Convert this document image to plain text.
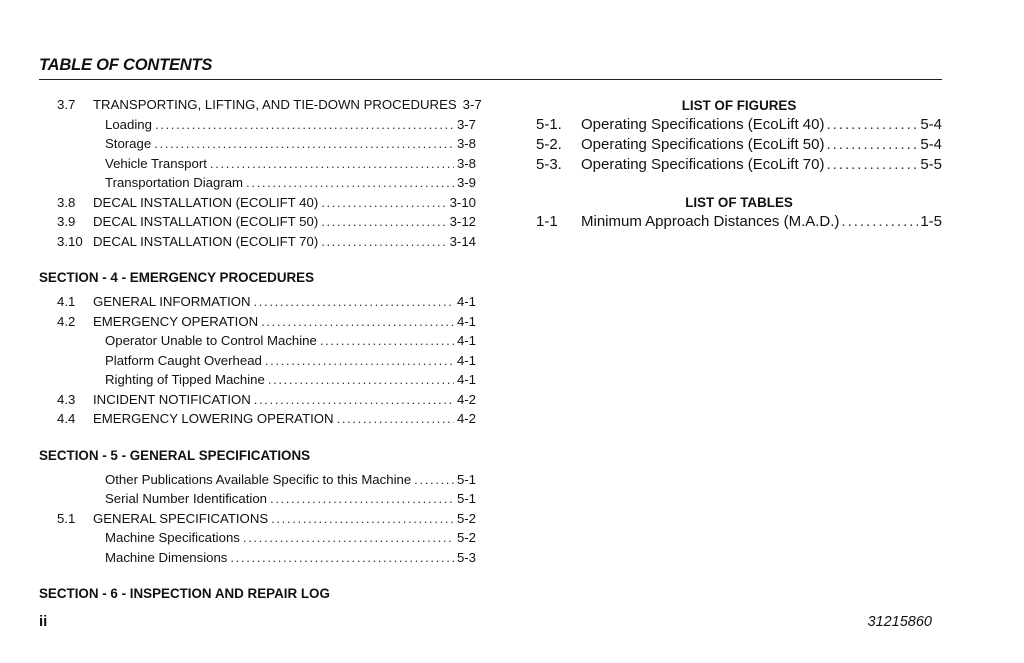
TABLE OF CONTENTS
3.7 TRANSPORTING, LIFTING, AND TIE-DOWN PROCEDURES 3-7
Loading .....	3-7
Storage .....	3-8
Vehicle Transport .....	3-8
Transportation Diagram .....	3-9
3.8 DECAL INSTALLATION (ECOLIFT 40) .....	3-10
3.9 DECAL INSTALLATION (ECOLIFT 50) .....	3-12
3.10 DECAL INSTALLATION (ECOLIFT 70) .....	3-14
SECTION - 4 - EMERGENCY PROCEDURES
4.1 GENERAL INFORMATION .....	4-1
4.2 EMERGENCY OPERATION .....	4-1
Operator Unable to Control Machine .....	4-1
Platform Caught Overhead .....	4-1
Righting of Tipped Machine .....	4-1
4.3 INCIDENT NOTIFICATION .....	4-2
4.4 EMERGENCY LOWERING OPERATION .....	4-2
SECTION - 5 - GENERAL SPECIFICATIONS
Other Publications Available Specific to this Machine .....	5-1
Serial Number Identification .....	5-1
5.1 GENERAL SPECIFICATIONS .....	5-2
Machine Specifications .....	5-2
Machine Dimensions .....	5-3
SECTION - 6 - INSPECTION AND REPAIR LOG
LIST OF FIGURES
5-1. Operating Specifications (EcoLift 40) .....	5-4
5-2. Operating Specifications (EcoLift 50) .....	5-4
5-3. Operating Specifications (EcoLift 70) .....	5-5
LIST OF TABLES
1-1 Minimum Approach Distances (M.A.D.) .....	1-5
ii	31215860
